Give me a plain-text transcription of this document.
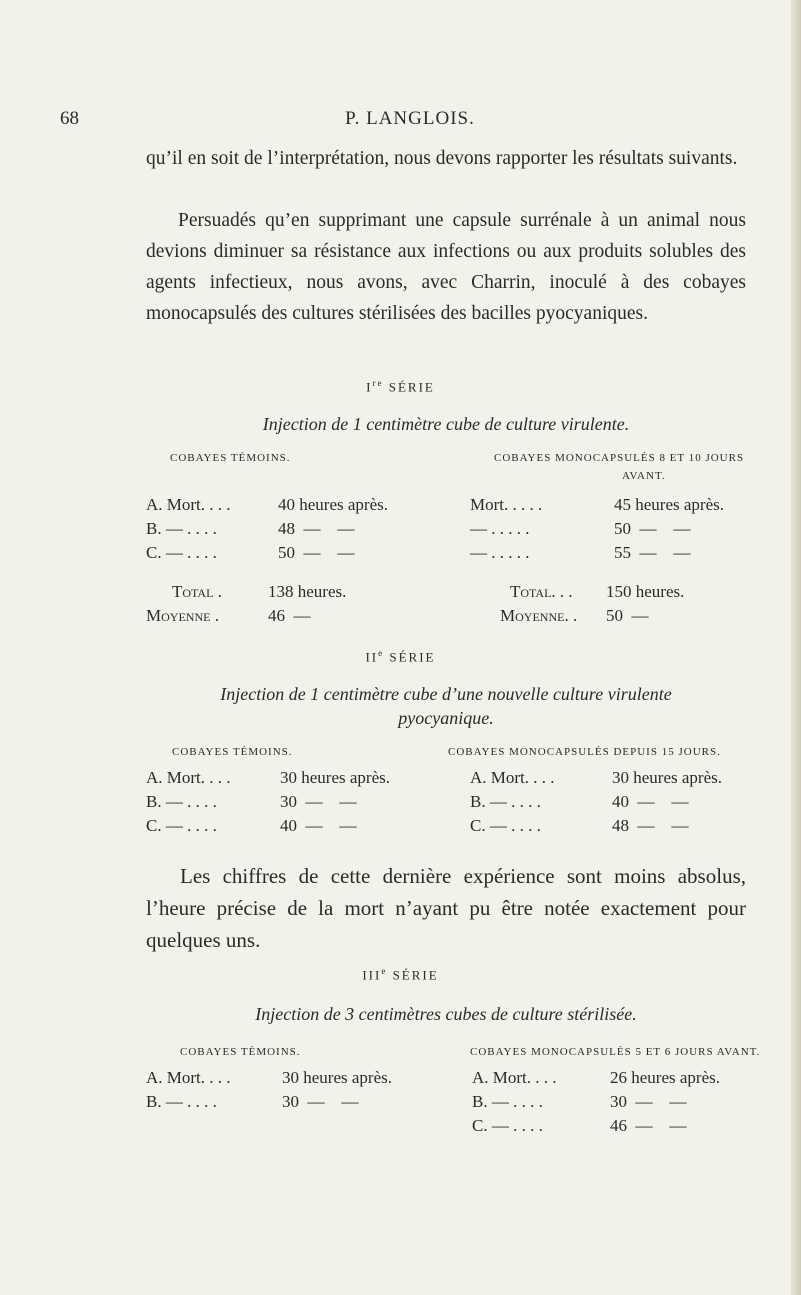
68	P. LANGLOIS.

qu’il en soit de l’interprétation, nous devons rapporter les résultats suivants.

Persuadés qu’en supprimant une capsule surrénale à un animal nous devions diminuer sa résistance aux infections ou aux produits solubles des agents infectieux, nous avons, avec Charrin, inoculé à des cobayes monocapsulés des cultures stérilisées des bacilles pyocyaniques.

Ire SÉRIE
Injection de 1 centimètre cube de culture virulente.
COBAYES TÉMOINS.	COBAYES MONOCAPSULÉS 8 ET 10 JOURS
AVANT.
A. Mort. . . .	40 heures après.
B. — . . . .	48  —    —
C. — . . . .	50  —    —
Mort. . . . .	45 heures après.
— . . . . .	50  —    —
— . . . . .	55  —    —
Total .	138 heures.
Moyenne .	46  —
Total. . . 150 heures.
Moyenne. . 50  —
IIe SÉRIE
Injection de 1 centimètre cube d’une nouvelle culture virulente
pyocyanique.
COBAYES TÉMOINS.	COBAYES MONOCAPSULÉS DEPUIS 15 JOURS.
A. Mort. . . .	30 heures après.
B. — . . . .	30  —    —
C. — . . . .	40  —    —
A. Mort. . . .	30 heures après.
B. — . . . .	40  —    —
C. — . . . .	48  —    —

Les chiffres de cette dernière expérience sont moins absolus, l’heure précise de la mort n’ayant pu être notée exactement pour quelques uns.

IIIe SÉRIE
Injection de 3 centimètres cubes de culture stérilisée.
COBAYES TÉMOINS.	COBAYES MONOCAPSULÉS 5 ET 6 JOURS AVANT.
A. Mort. . . .	30 heures après.
B. — . . . .	30  —    —
A. Mort. . . .	26 heures après.
B. — . . . .	30  —    —
C. — . . . .	46  —    —
